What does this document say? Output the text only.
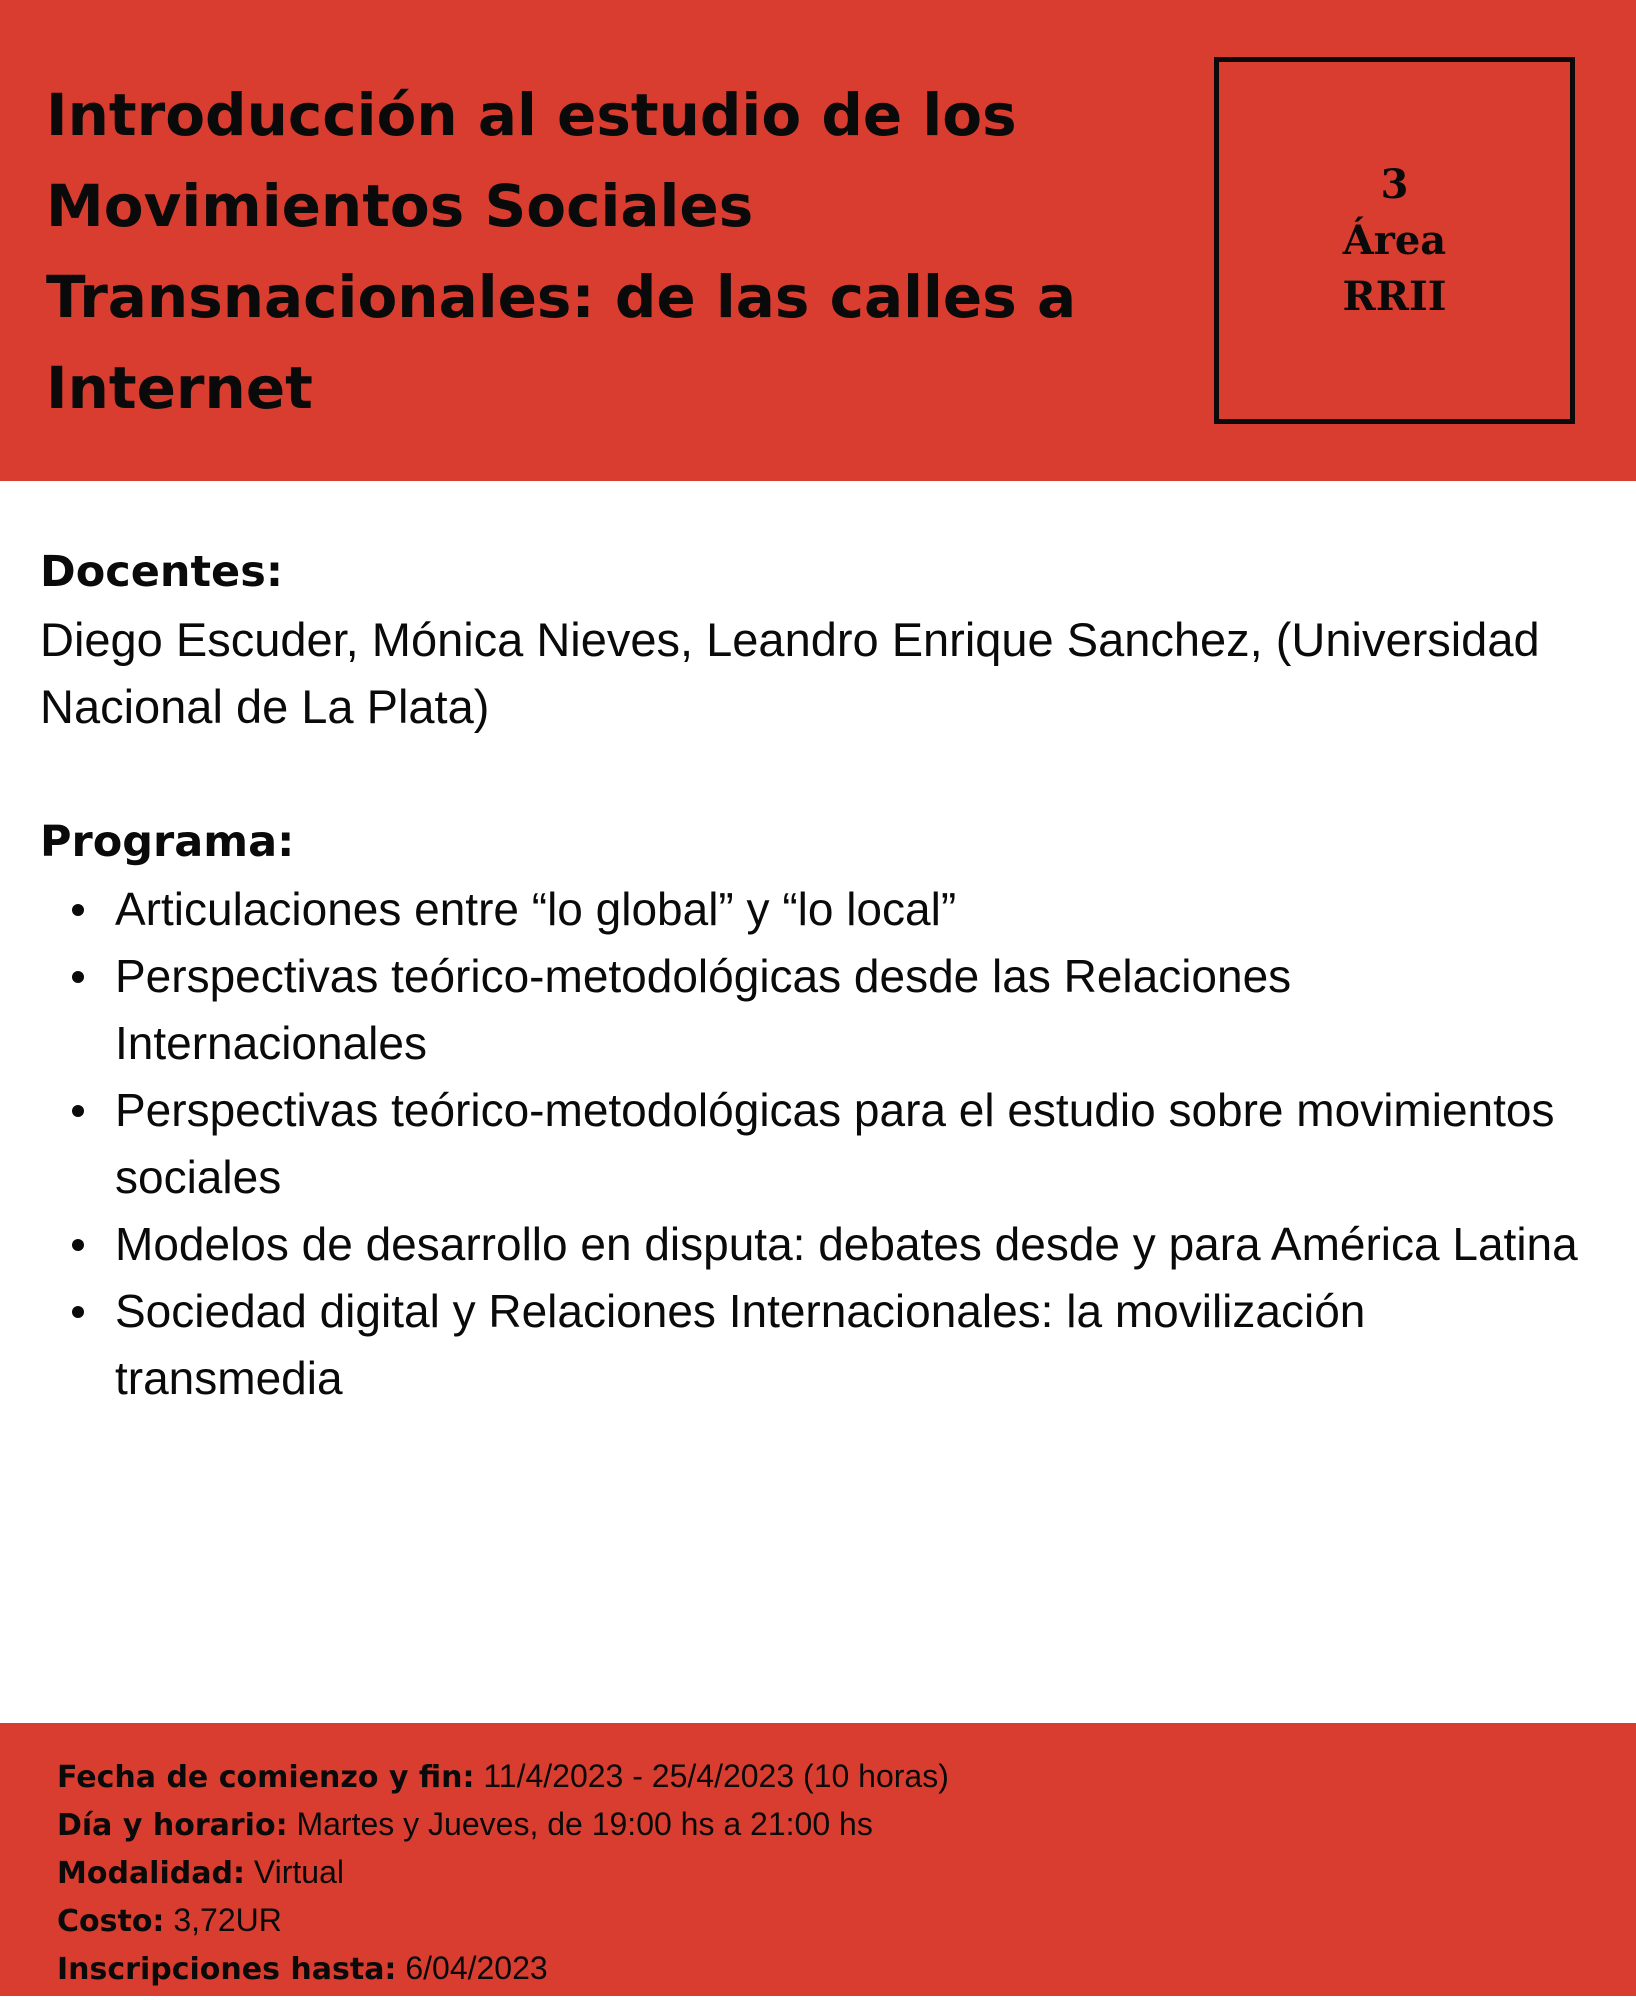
Introducción al estudio de los Movimientos Sociales Transnacionales: de las calles a Internet
3
Área
RRII

Docentes:

Diego Escuder, Mónica Nieves, Leandro Enrique Sanchez, (Universidad Nacional de La Plata)

Programa:

Articulaciones entre “lo global” y “lo local”
Perspectivas teórico-metodológicas desde las Relaciones Internacionales
Perspectivas teórico-metodológicas para el estudio sobre movimientos sociales
Modelos de desarrollo en disputa: debates desde y para América Latina
Sociedad digital y Relaciones Internacionales: la movilización transmedia
Fecha de comienzo y fin: 11/4/2023 - 25/4/2023 (10 horas)
Día y horario: Martes y Jueves, de 19:00 hs a 21:00 hs
Modalidad: Virtual
Costo: 3,72UR
Inscripciones hasta: 6/04/2023
